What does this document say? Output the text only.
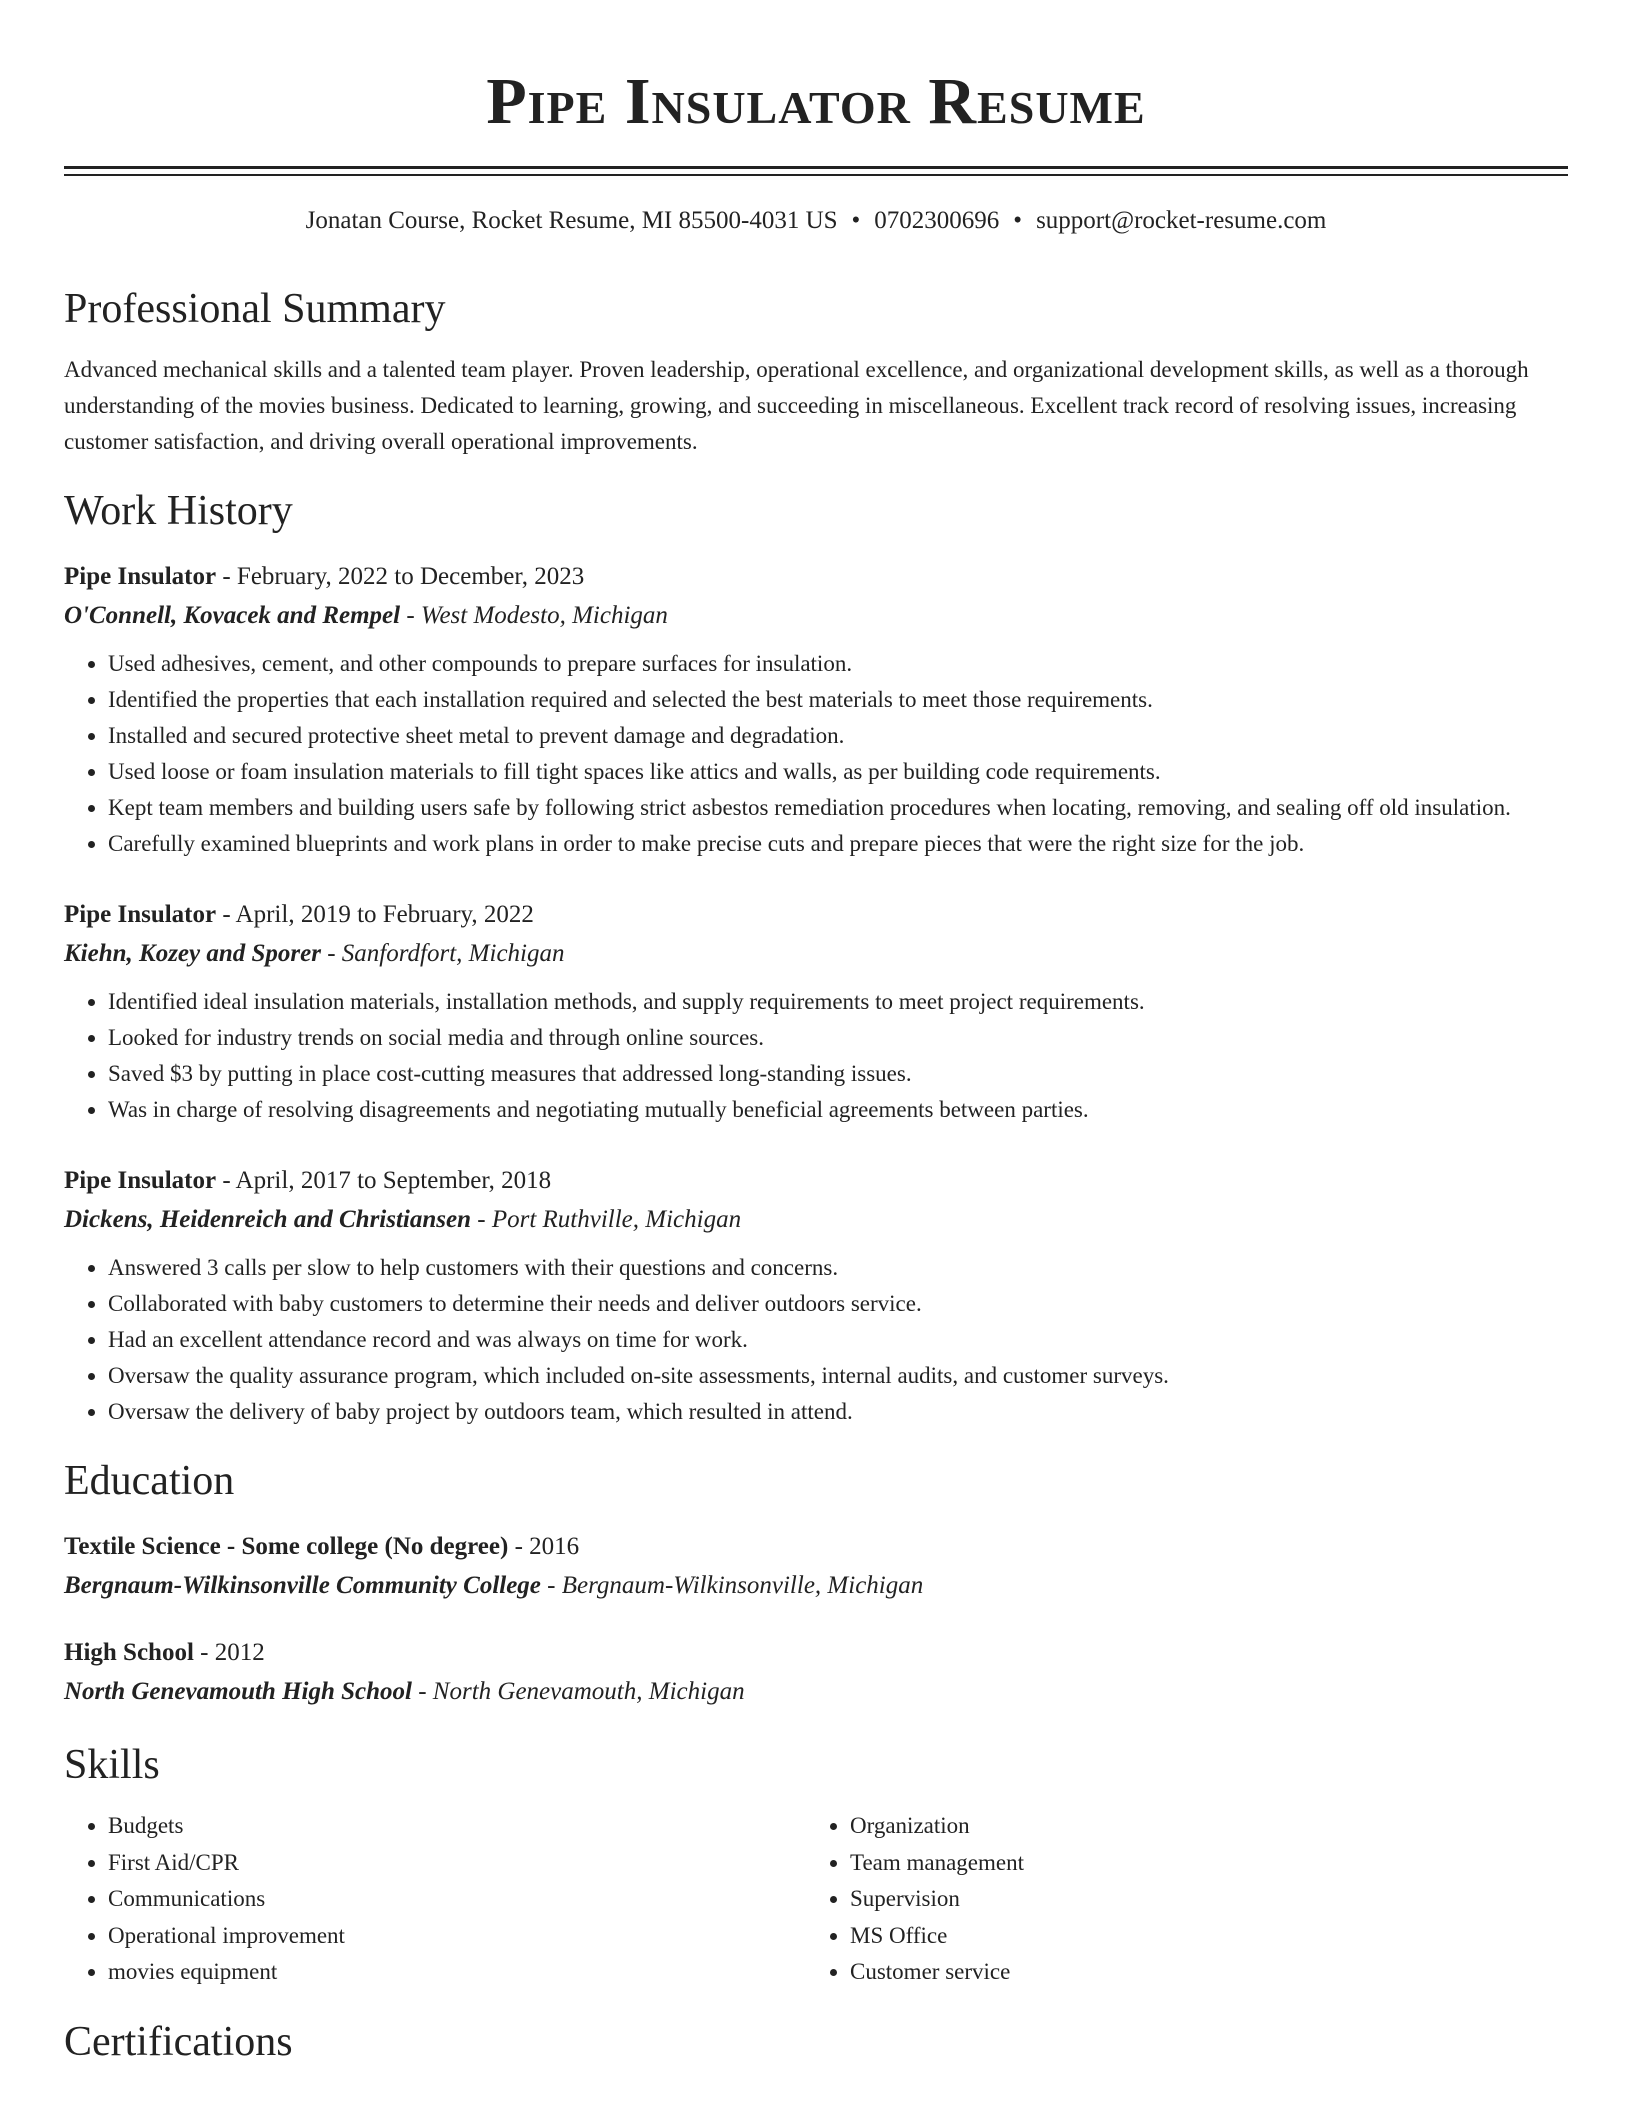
Pipe Insulator Resume
Jonatan Course, Rocket Resume, MI 85500-4031 US • 0702300696 • support@rocket-resume.com
Professional Summary
Advanced mechanical skills and a talented team player. Proven leadership, operational excellence, and organizational development skills, as well as a thorough understanding of the movies business. Dedicated to learning, growing, and succeeding in miscellaneous. Excellent track record of resolving issues, increasing customer satisfaction, and driving overall operational improvements.
Work History
Pipe Insulator - February, 2022 to December, 2023
O'Connell, Kovacek and Rempel - West Modesto, Michigan
• Used adhesives, cement, and other compounds to prepare surfaces for insulation.
• Identified the properties that each installation required and selected the best materials to meet those requirements.
• Installed and secured protective sheet metal to prevent damage and degradation.
• Used loose or foam insulation materials to fill tight spaces like attics and walls, as per building code requirements.
• Kept team members and building users safe by following strict asbestos remediation procedures when locating, removing, and sealing off old insulation.
• Carefully examined blueprints and work plans in order to make precise cuts and prepare pieces that were the right size for the job.
Pipe Insulator - April, 2019 to February, 2022
Kiehn, Kozey and Sporer - Sanfordfort, Michigan
• Identified ideal insulation materials, installation methods, and supply requirements to meet project requirements.
• Looked for industry trends on social media and through online sources.
• Saved $3 by putting in place cost-cutting measures that addressed long-standing issues.
• Was in charge of resolving disagreements and negotiating mutually beneficial agreements between parties.
Pipe Insulator - April, 2017 to September, 2018
Dickens, Heidenreich and Christiansen - Port Ruthville, Michigan
• Answered 3 calls per slow to help customers with their questions and concerns.
• Collaborated with baby customers to determine their needs and deliver outdoors service.
• Had an excellent attendance record and was always on time for work.
• Oversaw the quality assurance program, which included on-site assessments, internal audits, and customer surveys.
• Oversaw the delivery of baby project by outdoors team, which resulted in attend.
Education
Textile Science - Some college (No degree) - 2016
Bergnaum-Wilkinsonville Community College - Bergnaum-Wilkinsonville, Michigan
High School - 2012
North Genevamouth High School - North Genevamouth, Michigan
Skills
• Budgets
• First Aid/CPR
• Communications
• Operational improvement
• movies equipment
• Organization
• Team management
• Supervision
• MS Office
• Customer service
Certifications
